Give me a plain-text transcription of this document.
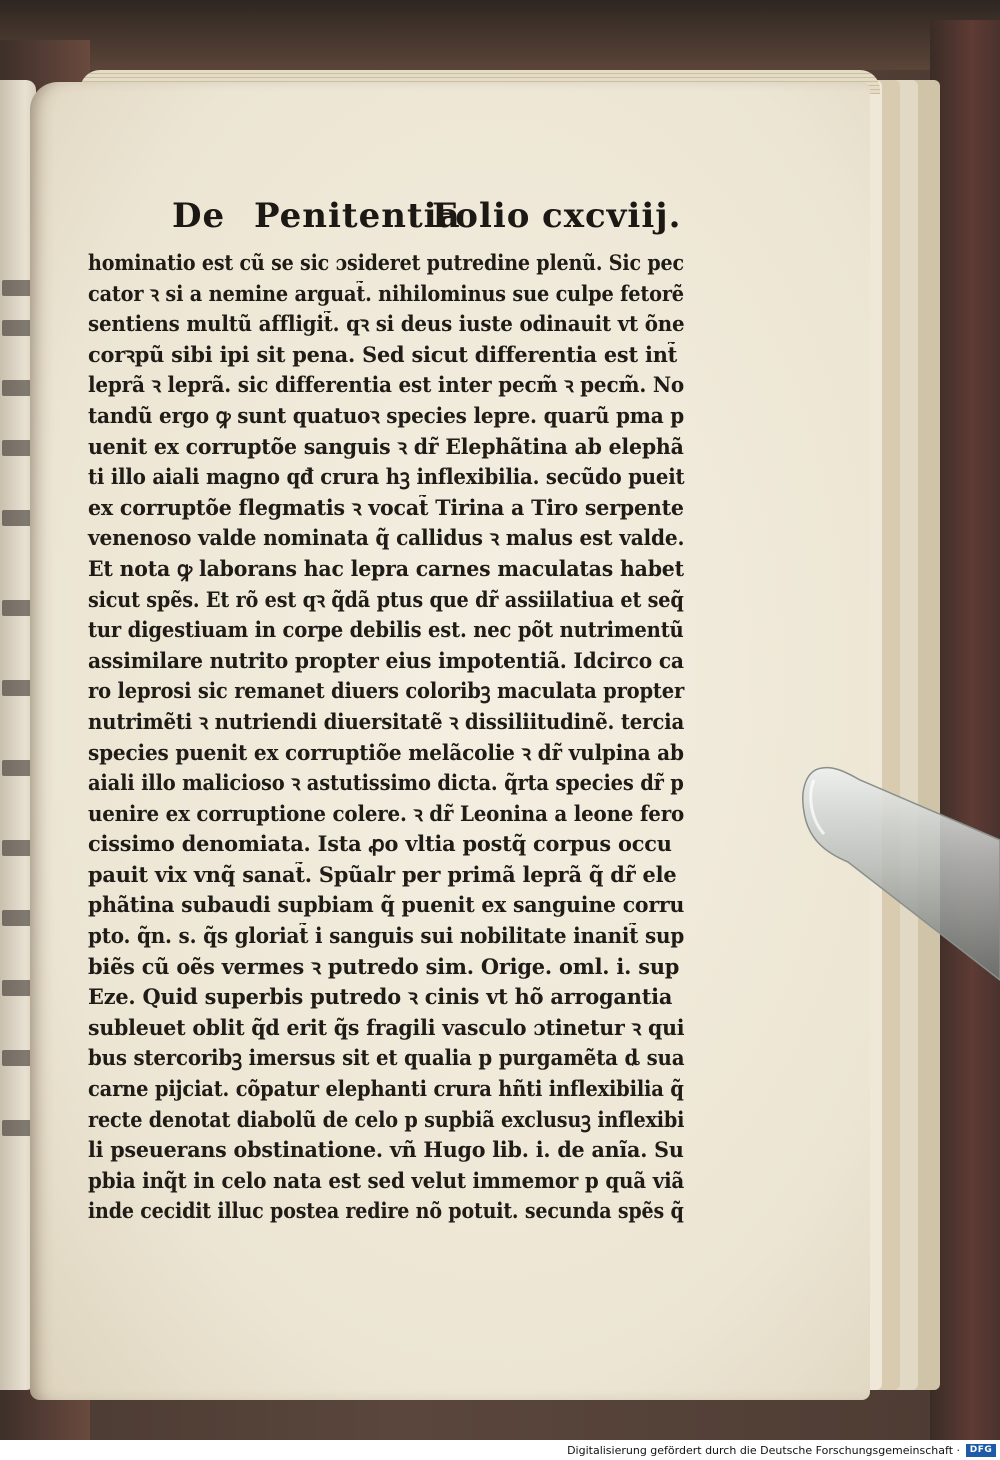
De Penitentia
Folio cxcviij.
hominatio est cũ se sic ɔsideret putredine plenũ. Sic pec
cator ꝛ si a nemine arguat̃. nihilominus sue culpe fetorẽ
sentiens multũ affligit̃. qꝛ si deus iuste odinauit vt õne
corꝛpũ sibi ipi sit pena. Sed sicut differentia est int̃
leprã ꝛ leprã. sic differentia est inter pecm̃ ꝛ pecm̃. No
tandũ ergo ꝙ sunt quatuoꝛ species lepre. quarũ pma p
uenit ex corruptõe sanguis ꝛ dr̃ Elephãtina ab elephã
ti illo aiali magno qđ crura hꝫ inflexibilia. secũdo pueit
ex corruptõe flegmatis ꝛ vocat̃ Tirina a Tiro serpente
venenoso valde nominata q̃ callidus ꝛ malus est valde.
Et nota ꝙ laborans hac lepra carnes maculatas habet
sicut spẽs. Et rõ est qꝛ q̃dã ptus que dr̃ assiilatiua et seq̃
tur digestiuam in corpe debilis est. nec põt nutrimentũ
assimilare nutrito propter eius impotentiã. Idcirco ca
ro leprosi sic remanet diuers coloribꝫ maculata propter
nutrimẽti ꝛ nutriendi diuersitatẽ ꝛ dissiliitudinẽ. tercia
species puenit ex corruptiõe melãcolie ꝛ dr̃ vulpina ab
aiali illo malicioso ꝛ astutissimo dicta. q̃rta species dr̃ p
uenire ex corruptione colere. ꝛ dr̃ Leonina a leone fero
cissimo denomiata. Ista ꝓo vltia postq̃ corpus occu
pauit vix vnq̃ sanat̃. Spũalr per primã leprã q̃ dr̃ ele
phãtina subaudi supbiam q̃ puenit ex sanguine corru
pto. q̃n. s. q̃s gloriat̃ i sanguis sui nobilitate inanit̃ sup
biẽs cũ oẽs vermes ꝛ putredo sim. Orige. oml. i. sup
Eze. Quid superbis putredo ꝛ cinis vt hõ arrogantia
subleuet oblit q̃d erit q̃s fragili vasculo ɔtinetur ꝛ qui
bus stercoribꝫ imersus sit et qualia p purgamẽta ȡ sua
carne pijciat. cõpatur elephanti crura hñti inflexibilia q̃
recte denotat diabolũ de celo p supbiã exclusuꝫ inflexibi
li pseuerans obstinatione. vñ Hugo lib. i. de anĩa. Su
pbia inq̃t in celo nata est sed velut immemor p quã viã
inde cecidit illuc postea redire nõ potuit. secunda spẽs q̃
Digitalisierung gefördert durch die Deutsche Forschungsgemeinschaft ·	DFG
